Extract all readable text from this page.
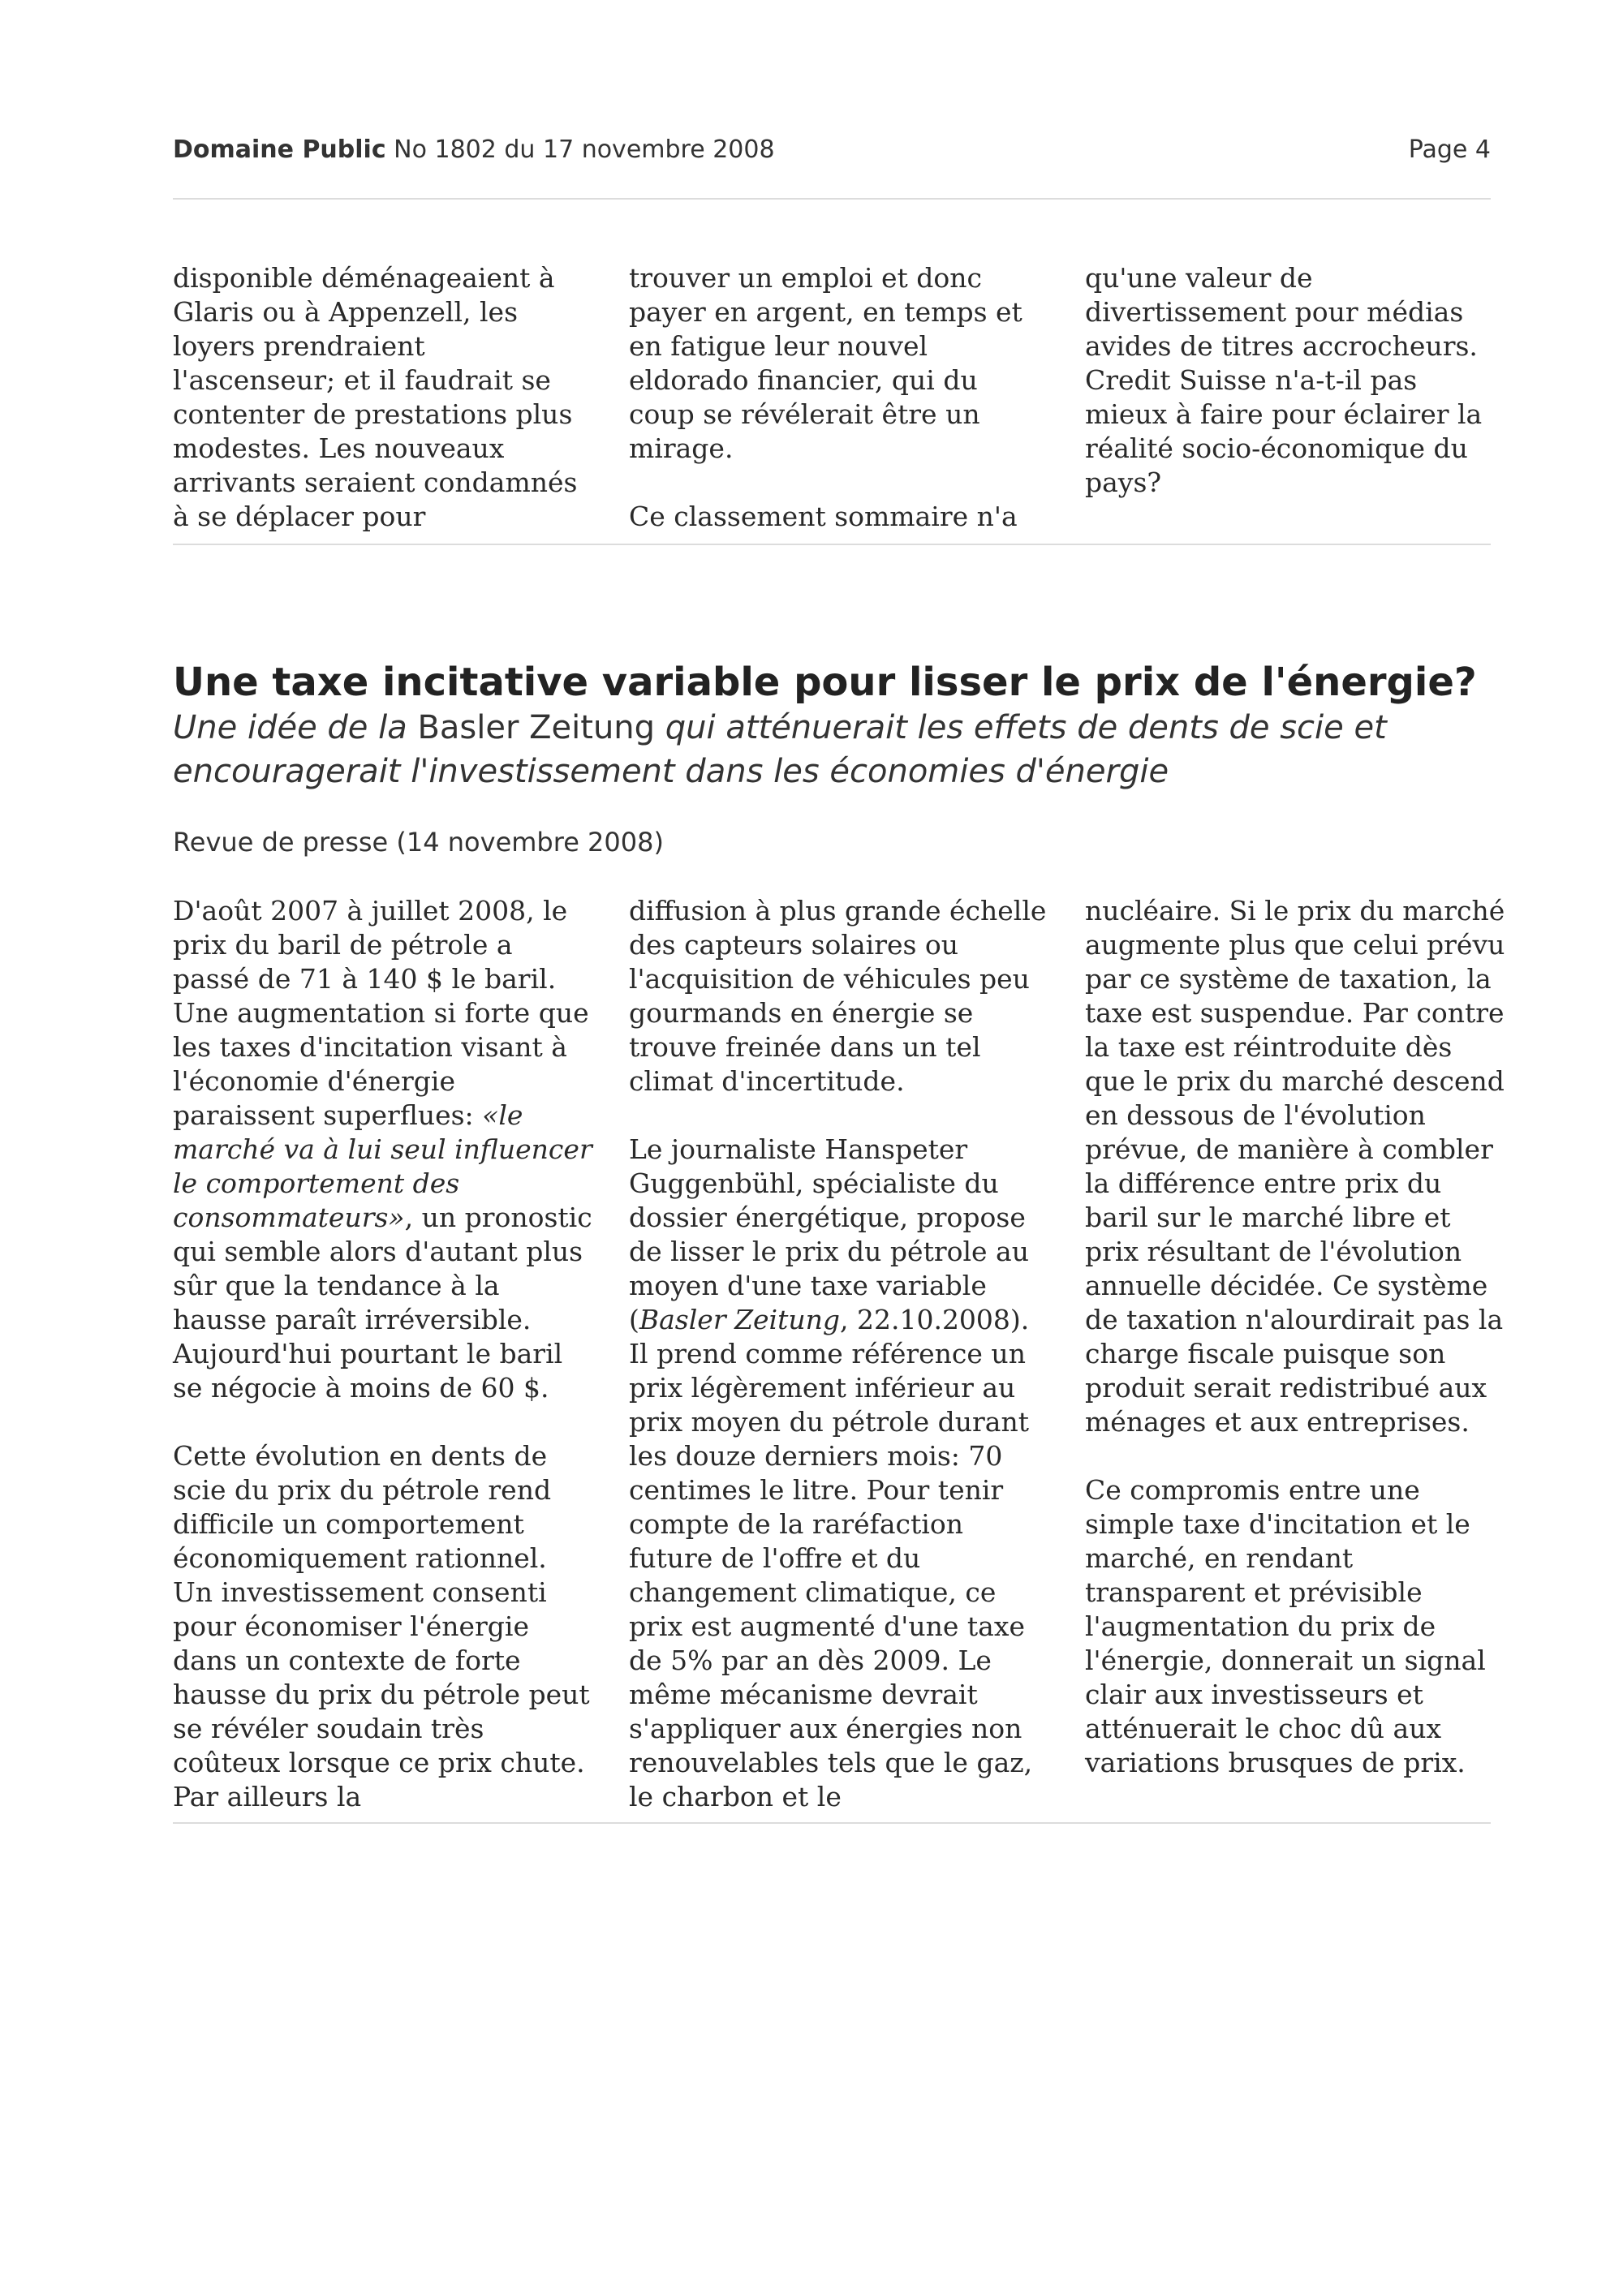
Domaine Public No 1802 du 17 novembre 2008	Page 4

disponible déménageaient à Glaris ou à Appenzell, les loyers prendraient l'ascenseur; et il faudrait se contenter de prestations plus modestes. Les nouveaux arrivants seraient condamnés à se déplacer pour

trouver un emploi et donc payer en argent, en temps et en fatigue leur nouvel eldorado financier, qui du coup se révélerait être un mirage.

Ce classement sommaire n'a

qu'une valeur de divertissement pour médias avides de titres accrocheurs. Credit Suisse n'a-t-il pas mieux à faire pour éclairer la réalité socio-économique du pays?

Une taxe incitative variable pour lisser le prix de l'énergie?

Une idée de la Basler Zeitung qui atténuerait les effets de dents de scie et encouragerait l'investissement dans les économies d'énergie

Revue de presse (14 novembre 2008)

D'août 2007 à juillet 2008, le prix du baril de pétrole a passé de 71 à 140 $ le baril. Une augmentation si forte que les taxes d'incitation visant à l'économie d'énergie paraissent superflues: «le marché va à lui seul influencer le comportement des consommateurs», un pronostic qui semble alors d'autant plus sûr que la tendance à la hausse paraît irréversible. Aujourd'hui pourtant le baril se négocie à moins de 60 $.

Cette évolution en dents de scie du prix du pétrole rend difficile un comportement économiquement rationnel. Un investissement consenti pour économiser l'énergie dans un contexte de forte hausse du prix du pétrole peut se révéler soudain très coûteux lorsque ce prix chute. Par ailleurs la

diffusion à plus grande échelle des capteurs solaires ou l'acquisition de véhicules peu gourmands en énergie se trouve freinée dans un tel climat d'incertitude.

Le journaliste Hanspeter Guggenbühl, spécialiste du dossier énergétique, propose de lisser le prix du pétrole au moyen d'une taxe variable (Basler Zeitung, 22.10.2008). Il prend comme référence un prix légèrement inférieur au prix moyen du pétrole durant les douze derniers mois: 70 centimes le litre. Pour tenir compte de la raréfaction future de l'offre et du changement climatique, ce prix est augmenté d'une taxe de 5% par an dès 2009. Le même mécanisme devrait s'appliquer aux énergies non renouvelables tels que le gaz, le charbon et le

nucléaire. Si le prix du marché augmente plus que celui prévu par ce système de taxation, la taxe est suspendue. Par contre la taxe est réintroduite dès que le prix du marché descend en dessous de l'évolution prévue, de manière à combler la différence entre prix du baril sur le marché libre et prix résultant de l'évolution annuelle décidée. Ce système de taxation n'alourdirait pas la charge fiscale puisque son produit serait redistribué aux ménages et aux entreprises.

Ce compromis entre une simple taxe d'incitation et le marché, en rendant transparent et prévisible l'augmentation du prix de l'énergie, donnerait un signal clair aux investisseurs et atténuerait le choc dû aux variations brusques de prix.
